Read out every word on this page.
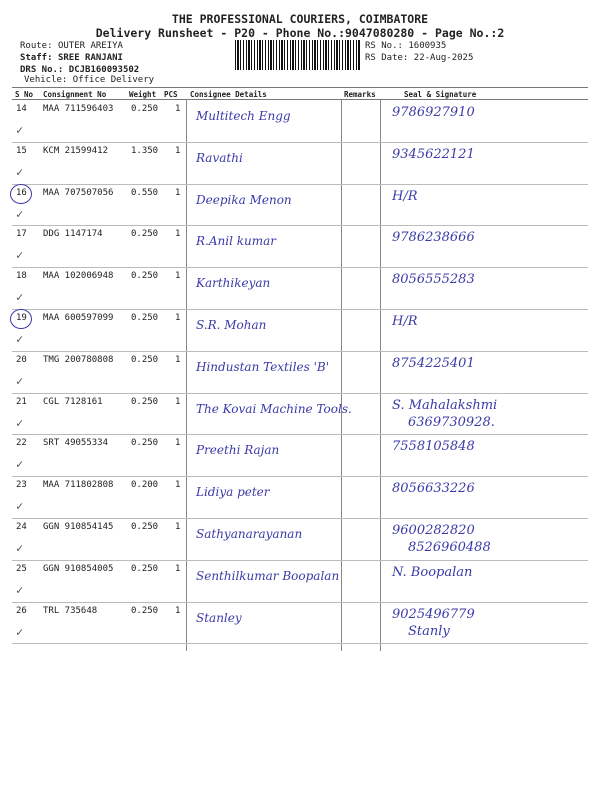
THE PROFESSIONAL COURIERS, COIMBATORE
Delivery Runsheet - P20 - Phone No.:9047080280 - Page No.:2
Route: OUTER AREIYA
Staff: SREE RANJANI
DRS No.: DCJB160093502
Vehicle: Office Delivery
RS No.: 1600935
RS Date: 22-Aug-2025
S No Consignment No	Weight PCS Consignee Details	Remarks	Seal & Signature
14 MAA 711596403 0.250 1 Multitech Engg	9786927910
✓
15 KCM 21599412	1.350 1 Ravathi	9345622121
✓
16 MAA 707507056 0.550 1 Deepika Menon	H/R
✓
17 DDG 1147174	0.250 1 R.Anil kumar	9786238666
✓
18 MAA 102006948 0.250 1 Karthikeyan	8056555283
✓
19 MAA 600597099 0.250 1 S.R. Mohan	H/R
✓
20 TMG 200780808 0.250 1 Hindustan Textiles 'B'	8754225401
✓
21 CGL 7128161	0.250 1 The Kovai Machine Tools.	S. Mahalakshmi
6369730928.
✓
22 SRT 49055334	0.250 1 Preethi Rajan	7558105848
✓
23 MAA 711802808 0.200 1 Lidiya peter	8056633226
✓
24 GGN 910854145 0.250 1 Sathyanarayanan	9600282820
8526960488
✓
25 GGN 910854005 0.250 1 Senthilkumar Boopalan	N. Boopalan
✓
26 TRL 735648	0.250 1 Stanley	9025496779
Stanly
✓
